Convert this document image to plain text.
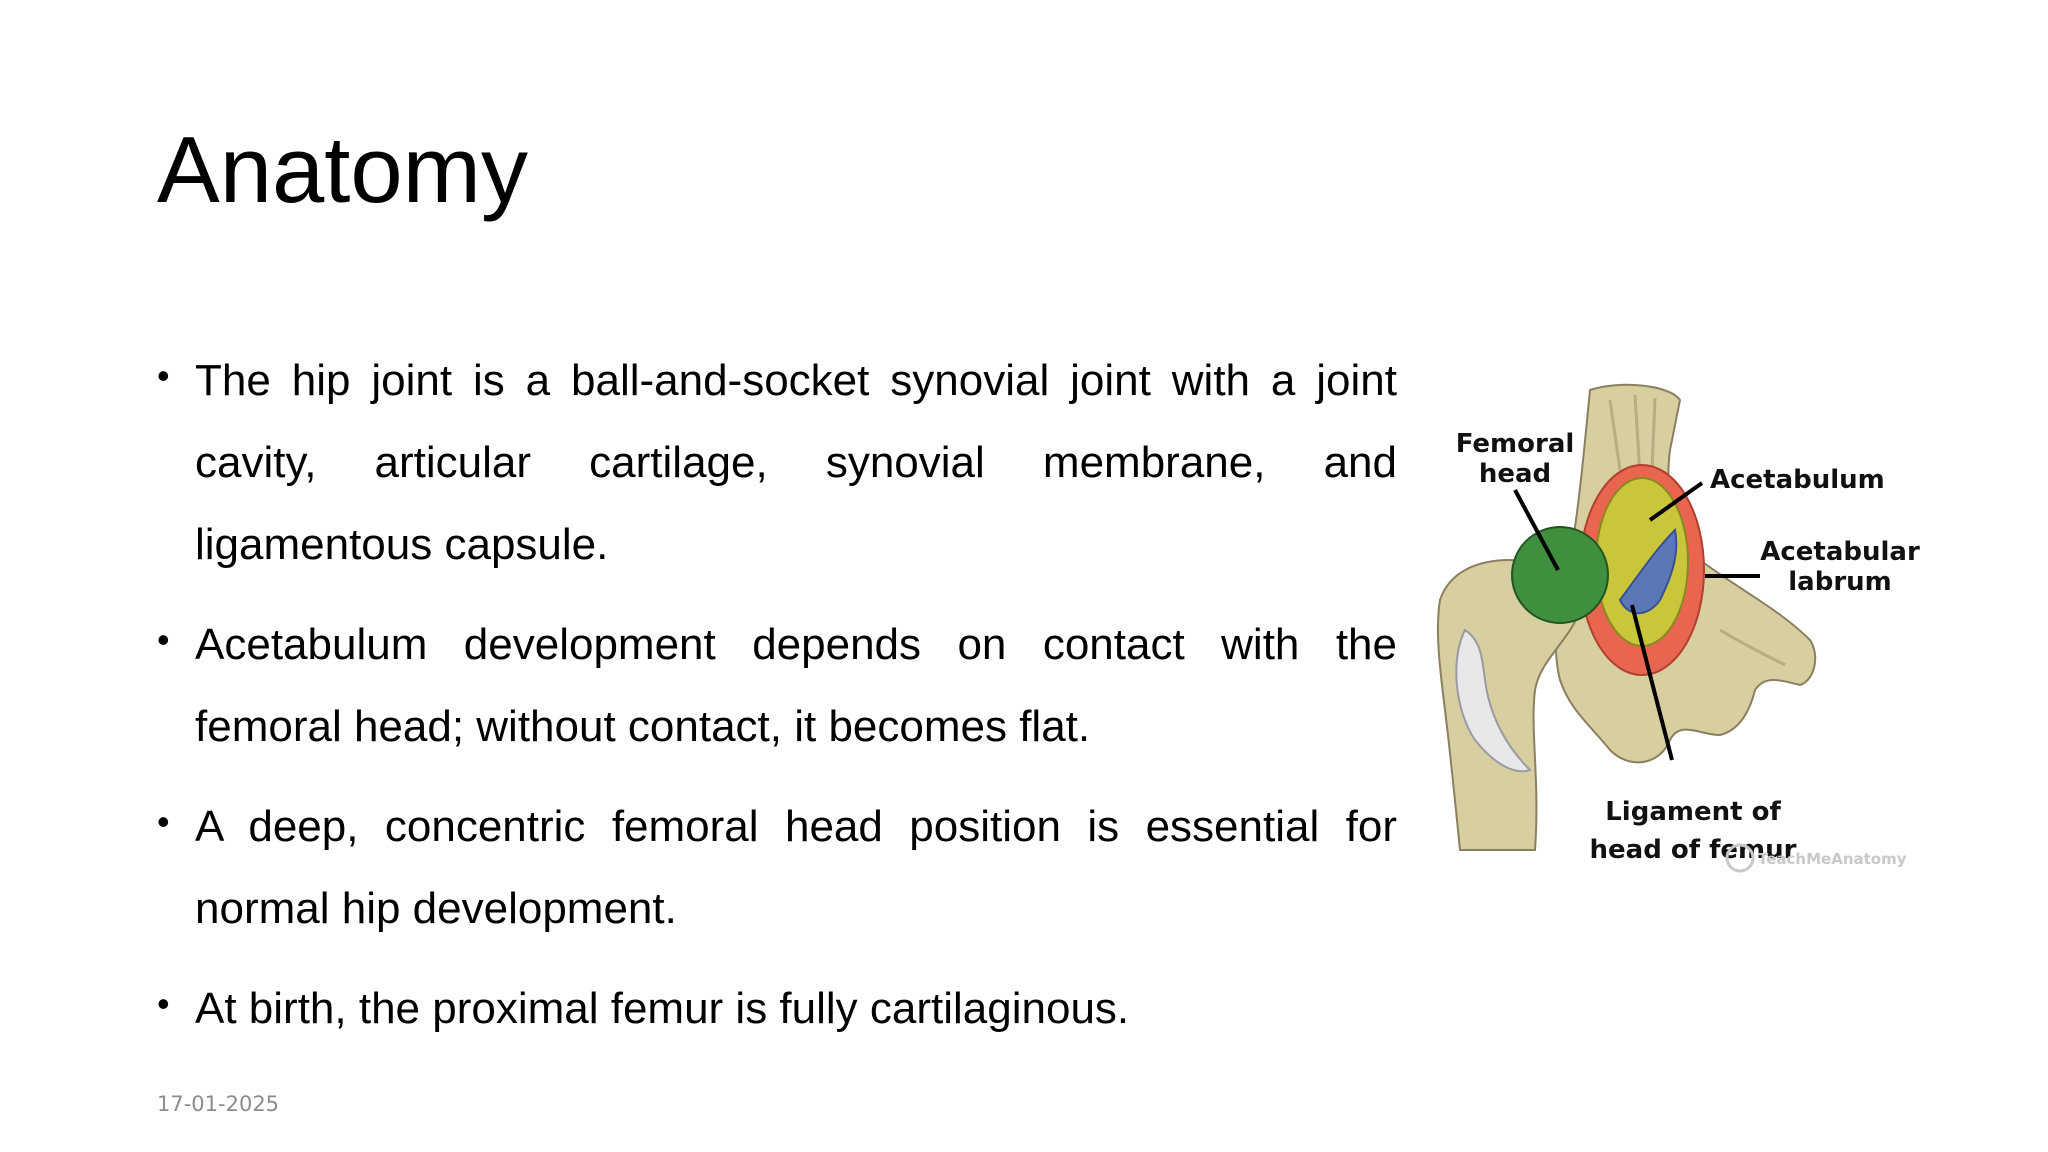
Anatomy
• The hip joint is a ball-and-socket synovial joint with a joint cavity, articular cartilage, synovial membrane, and ligamentous capsule.
• Acetabulum development depends on contact with the femoral head; without contact, it becomes flat.
• A deep, concentric femoral head position is essential for normal hip development.
• At birth, the proximal femur is fully cartilaginous.
17-01-2025
Femoral
head	Acetabulum
Acetabular
labrum
Ligament of
head of femur
TeachMeAnatomy
